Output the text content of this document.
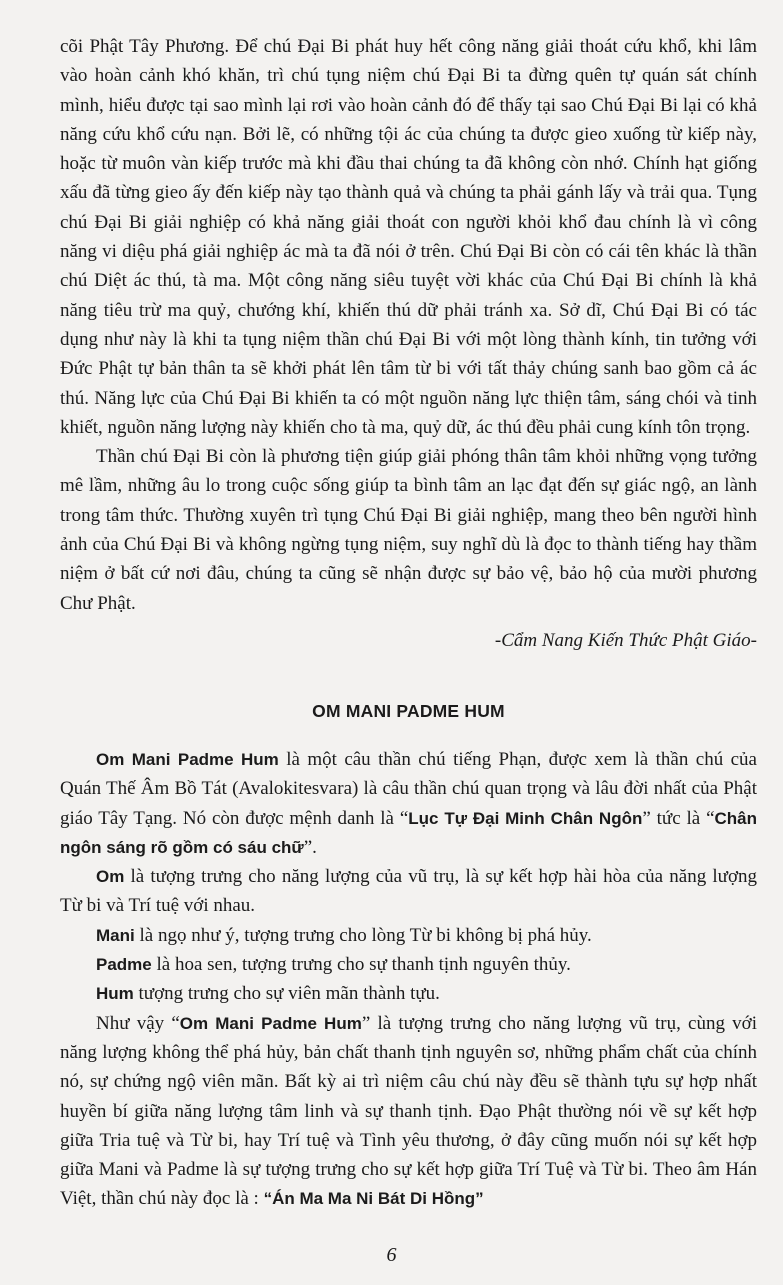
cõi Phật Tây Phương. Để chú Đại Bi phát huy hết công năng giải thoát cứu khổ, khi lâm vào hoàn cảnh khó khăn, trì chú tụng niệm chú Đại Bi ta đừng quên tự quán sát chính mình, hiểu được tại sao mình lại rơi vào hoàn cảnh đó để thấy tại sao Chú Đại Bi lại có khả năng cứu khổ cứu nạn. Bởi lẽ, có những tội ác của chúng ta được gieo xuống từ kiếp này, hoặc từ muôn vàn kiếp trước mà khi đầu thai chúng ta đã không còn nhớ. Chính hạt giống xấu đã từng gieo ấy đến kiếp này tạo thành quả và chúng ta phải gánh lấy và trải qua. Tụng chú Đại Bi giải nghiệp có khả năng giải thoát con người khỏi khổ đau chính là vì công năng vi diệu phá giải nghiệp ác mà ta đã nói ở trên. Chú Đại Bi còn có cái tên khác là thần chú Diệt ác thú, tà ma. Một công năng siêu tuyệt vời khác của Chú Đại Bi chính là khả năng tiêu trừ ma quỷ, chướng khí, khiến thú dữ phải tránh xa. Sở dĩ, Chú Đại Bi có tác dụng như này là khi ta tụng niệm thần chú Đại Bi với một lòng thành kính, tin tưởng với Đức Phật tự bản thân ta sẽ khởi phát lên tâm từ bi với tất thảy chúng sanh bao gồm cả ác thú. Năng lực của Chú Đại Bi khiến ta có một nguồn năng lực thiện tâm, sáng chói và tinh khiết, nguồn năng lượng này khiến cho tà ma, quỷ dữ, ác thú đều phải cung kính tôn trọng.

Thần chú Đại Bi còn là phương tiện giúp giải phóng thân tâm khỏi những vọng tưởng mê lầm, những âu lo trong cuộc sống giúp ta bình tâm an lạc đạt đến sự giác ngộ, an lành trong tâm thức. Thường xuyên trì tụng Chú Đại Bi giải nghiệp, mang theo bên người hình ảnh của Chú Đại Bi và không ngừng tụng niệm, suy nghĩ dù là đọc to thành tiếng hay thầm niệm ở bất cứ nơi đâu, chúng ta cũng sẽ nhận được sự bảo vệ, bảo hộ của mười phương Chư Phật.

-Cẩm Nang Kiến Thức Phật Giáo-

OM MANI PADME HUM

Om Mani Padme Hum là một câu thần chú tiếng Phạn, được xem là thần chú của Quán Thế Âm Bồ Tát (Avalokitesvara) là câu thần chú quan trọng và lâu đời nhất của Phật giáo Tây Tạng. Nó còn được mệnh danh là “Lục Tự Đại Minh Chân Ngôn” tức là “Chân ngôn sáng rõ gồm có sáu chữ”.

Om là tượng trưng cho năng lượng của vũ trụ, là sự kết hợp hài hòa của năng lượng Từ bi và Trí tuệ với nhau.

Mani là ngọ như ý, tượng trưng cho lòng Từ bi không bị phá hủy.

Padme là hoa sen, tượng trưng cho sự thanh tịnh nguyên thủy.

Hum tượng trưng cho sự viên mãn thành tựu.

Như vậy “Om Mani Padme Hum” là tượng trưng cho năng lượng vũ trụ, cùng với năng lượng không thể phá hủy, bản chất thanh tịnh nguyên sơ, những phẩm chất của chính nó, sự chứng ngộ viên mãn. Bất kỳ ai trì niệm câu chú này đều sẽ thành tựu sự hợp nhất huyền bí giữa năng lượng tâm linh và sự thanh tịnh. Đạo Phật thường nói về sự kết hợp giữa Tria tuệ và Từ bi, hay Trí tuệ và Tình yêu thương, ở đây cũng muốn nói sự kết hợp giữa Mani và Padme là sự tượng trưng cho sự kết hợp giữa Trí Tuệ và Từ bi. Theo âm Hán Việt, thần chú này đọc là : “Án Ma Ma Ni Bát Di Hồng”

6
